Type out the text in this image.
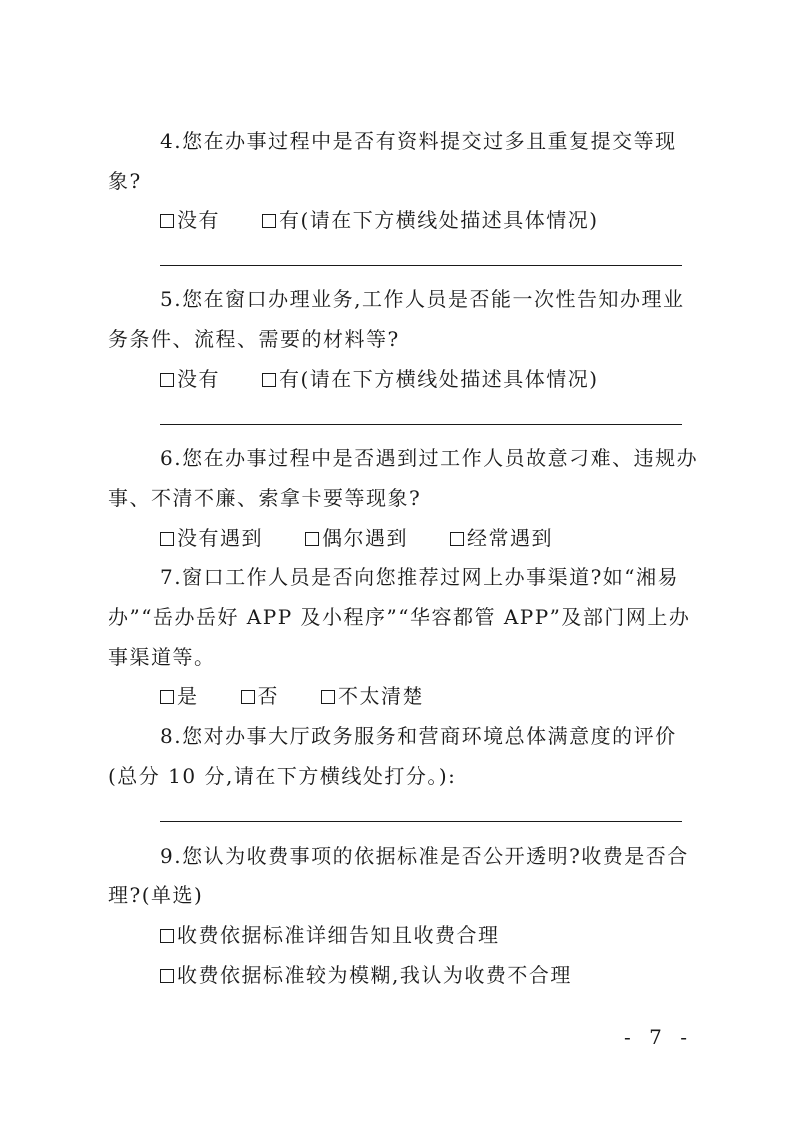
4.您在办事过程中是否有资料提交过多且重复提交等现
象?
没有	有(请在下方横线处描述具体情况)
5.您在窗口办理业务,工作人员是否能一次性告知办理业
务条件、流程、需要的材料等?
没有	有(请在下方横线处描述具体情况)
6.您在办事过程中是否遇到过工作人员故意刁难、违规办
事、不清不廉、索拿卡要等现象?
没有遇到	偶尔遇到	经常遇到
7.窗口工作人员是否向您推荐过网上办事渠道?如“湘易
办”“岳办岳好 APP 及小程序”“华容都管 APP”及部门网上办
事渠道等。
是	否	不太清楚
8.您对办事大厅政务服务和营商环境总体满意度的评价
(总分 10 分,请在下方横线处打分。):
9.您认为收费事项的依据标准是否公开透明?收费是否合
理?(单选)
收费依据标准详细告知且收费合理
收费依据标准较为模糊,我认为收费不合理
- 7 -
